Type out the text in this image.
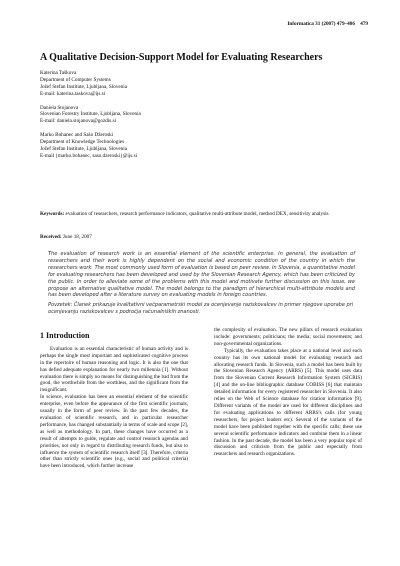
Informatica 31 (2007) 479–486 479
A Qualitative Decision-Support Model for Evaluating Researchers
Katerina Taškova
Department of Computer Systems
Jožef Stefan Institute, Ljubljana, Slovenia
E-mail: katerina.taskova@ijs.si
Daniela Stojanova
Slovenian Forestry Institute, Ljubljana, Slovenia
E-mail: daniela.stojanova@gozdis.si
Marko Bohanec and Sašo Džeroski
Department of Knowledge Technologies
Jožef Stefan Institute, Ljubljana, Slovenia
E-mail {marko.bohanec, saso.dzeroski}@ijs.si
Keywords: evaluation of researchers, research performance indicators, qualitative multi-attribute model, method DEX, sensitivity analysis
Received: June 18, 2007
The evaluation of research work is an essential element of the scientific enterprise. In general, the evaluation of researchers and their work is highly dependent on the social and economic condition of the country in which the researchers work. The most commonly used form of evaluation is based on peer review. In Slovenia, a quantitative model for evaluating researchers has been developed and used by the Slovenian Research Agency, which has been criticized by the public. In order to alleviate some of the problems with this model and motivate further discussion on this issue, we propose an alternative qualitative model. The model belongs to the paradigm of hierarchical multi-attribute models and has been developed after a literature survey on evaluating models in foreign countries.
Povzetek: Članek prikazuje kvalitativni večparametrski model za ocenjevanje raziskovalcev in primer njegove uporabe pri ocenjevanju raziskovalcev s področja računalniških znanosti.
1 Introduction

Evaluation is an essential characteristic of human activity and is perhaps the single most important and sophisticated cognitive process in the repertoire of human reasoning and logic. It is also the one that has defied adequate explanation for nearly two millennia [1]. Without evaluation there is simply no means for distinguishing the bad from the good, the worthwhile from the worthless, and the significant from the insignificant.

In science, evaluation has been an essential element of the scientific enterprise, even before the appearance of the first scientific journals, usually in the form of peer review. In the past few decades, the evaluation of scientific research, and in particular researcher performance, has changed substantially in terms of scale and scope [2], as well as methodology. In part, these changes have occurred as a result of attempts to guide, regulate and control research agendas and priorities, not only in regard to distributing research funds, but also to influence the system of scientific research itself [3]. Therefore, criteria other than strictly scientific ones (e.g., social and political criteria) have been introduced, which further increase

the complexity of evaluation. The new pillars of research evaluation include: governments; politicians; the media; social movements; and non-governmental organizations.

Typically, the evaluation takes place at a national level and each country has its own national model for evaluating research and allocating research funds. In Slovenia, such a model has been built by the Slovenian Research Agency (ARRS) [5]. This model uses data from the Slovenian Current Research Information System (SICRIS) [4] and the on-line bibliographic database COBISS [6] that maintain detailed information for every registered researcher in Slovenia. It also relies on the Web of Science database for citation information [9]. Different variants of the model are used for different disciplines and for evaluating applications to different ARRS's calls (for young researchers, for project leaders etc). Several of the variants of the model have been published together with the specific calls; these use several scientific performance indicators and combine them in a linear fashion. In the past decade, the model has been a very popular topic of discussion and criticism from the public and especially from researchers and research organizations.
